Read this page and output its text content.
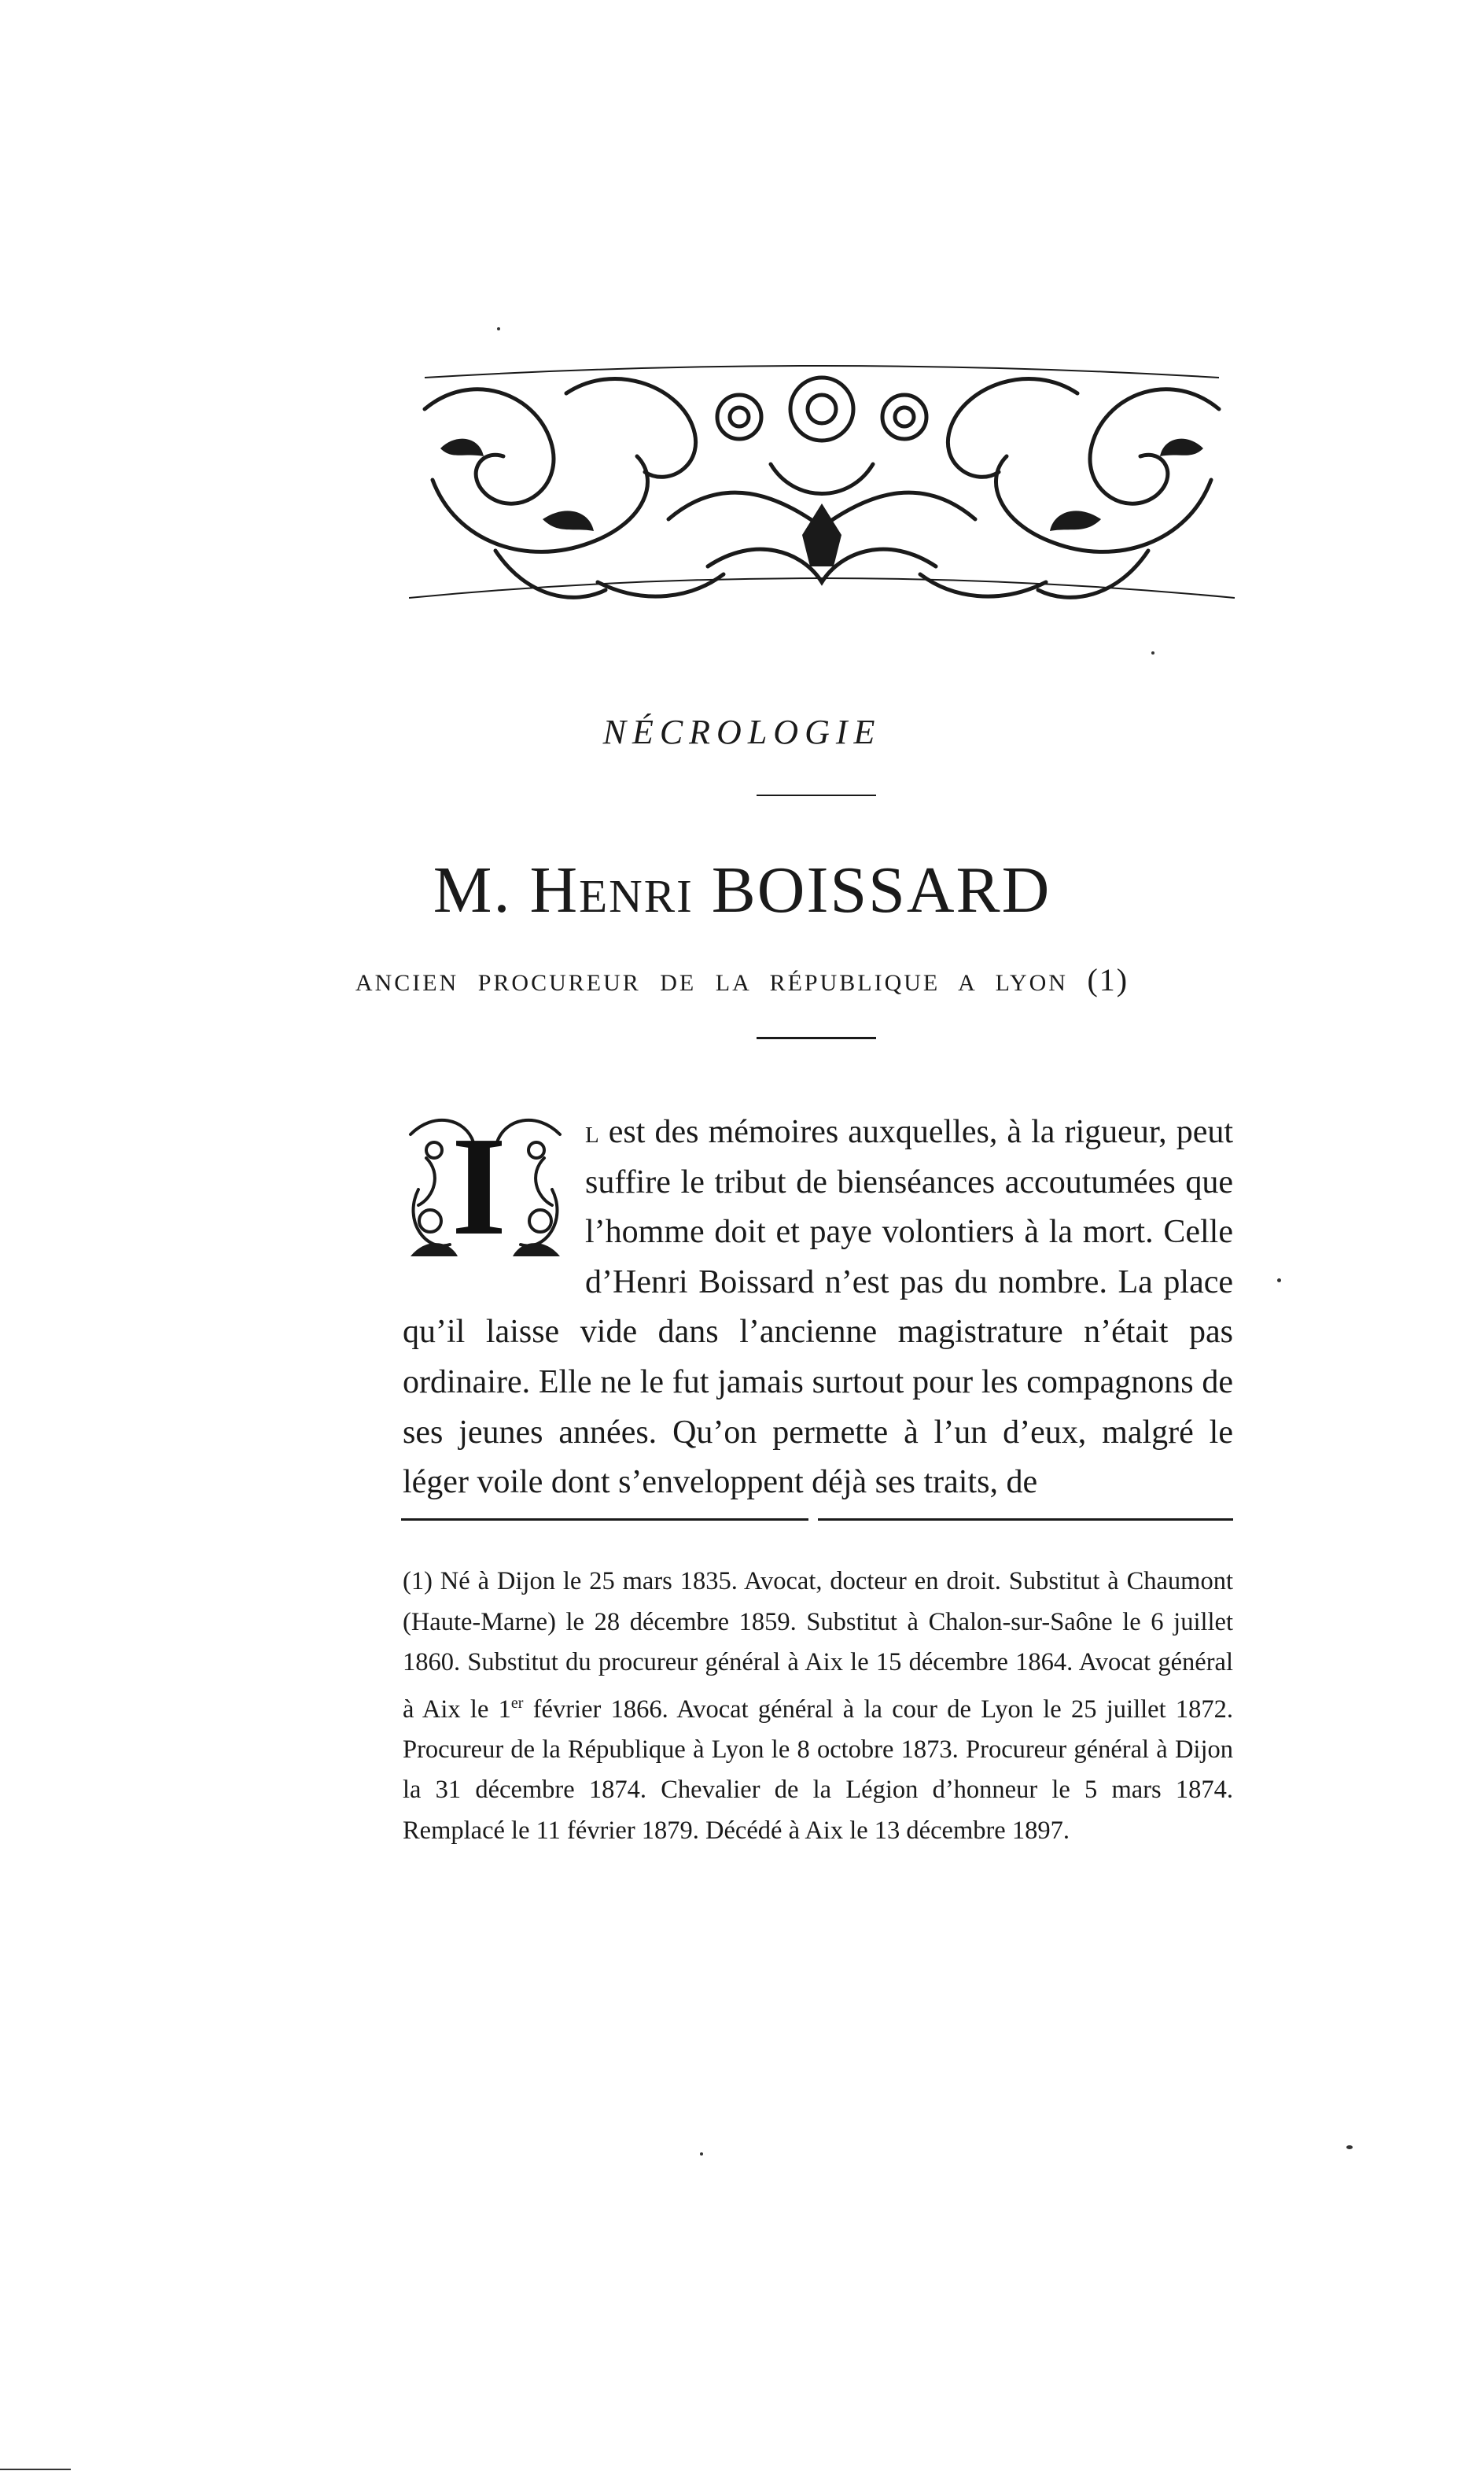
NÉCROLOGIE
M. Henri BOISSARD

ANCIEN PROCUREUR DE LA RÉPUBLIQUE A LYON (1)

I l est des mémoires auxquelles, à la rigueur, peut suffire le tribut de bienséances accoutumées que l’homme doit et paye volontiers à la mort. Celle d’Henri Boissard n’est pas du nombre. La place qu’il laisse vide dans l’ancienne magistrature n’était pas ordinaire. Elle ne le fut jamais surtout pour les compagnons de ses jeunes années. Qu’on permette à l’un d’eux, malgré le léger voile dont s’enveloppent déjà ses traits, de

(1) Né à Dijon le 25 mars 1835. Avocat, docteur en droit. Substitut à Chaumont (Haute-Marne) le 28 décembre 1859. Substitut à Chalon-sur-Saône le 6 juillet 1860. Substitut du procureur général à Aix le 15 décembre 1864. Avocat général à Aix le 1er février 1866. Avocat général à la cour de Lyon le 25 juillet 1872. Procureur de la République à Lyon le 8 octobre 1873. Procureur général à Dijon la 31 décembre 1874. Chevalier de la Légion d’honneur le 5 mars 1874. Remplacé le 11 février 1879. Décédé à Aix le 13 décembre 1897.
